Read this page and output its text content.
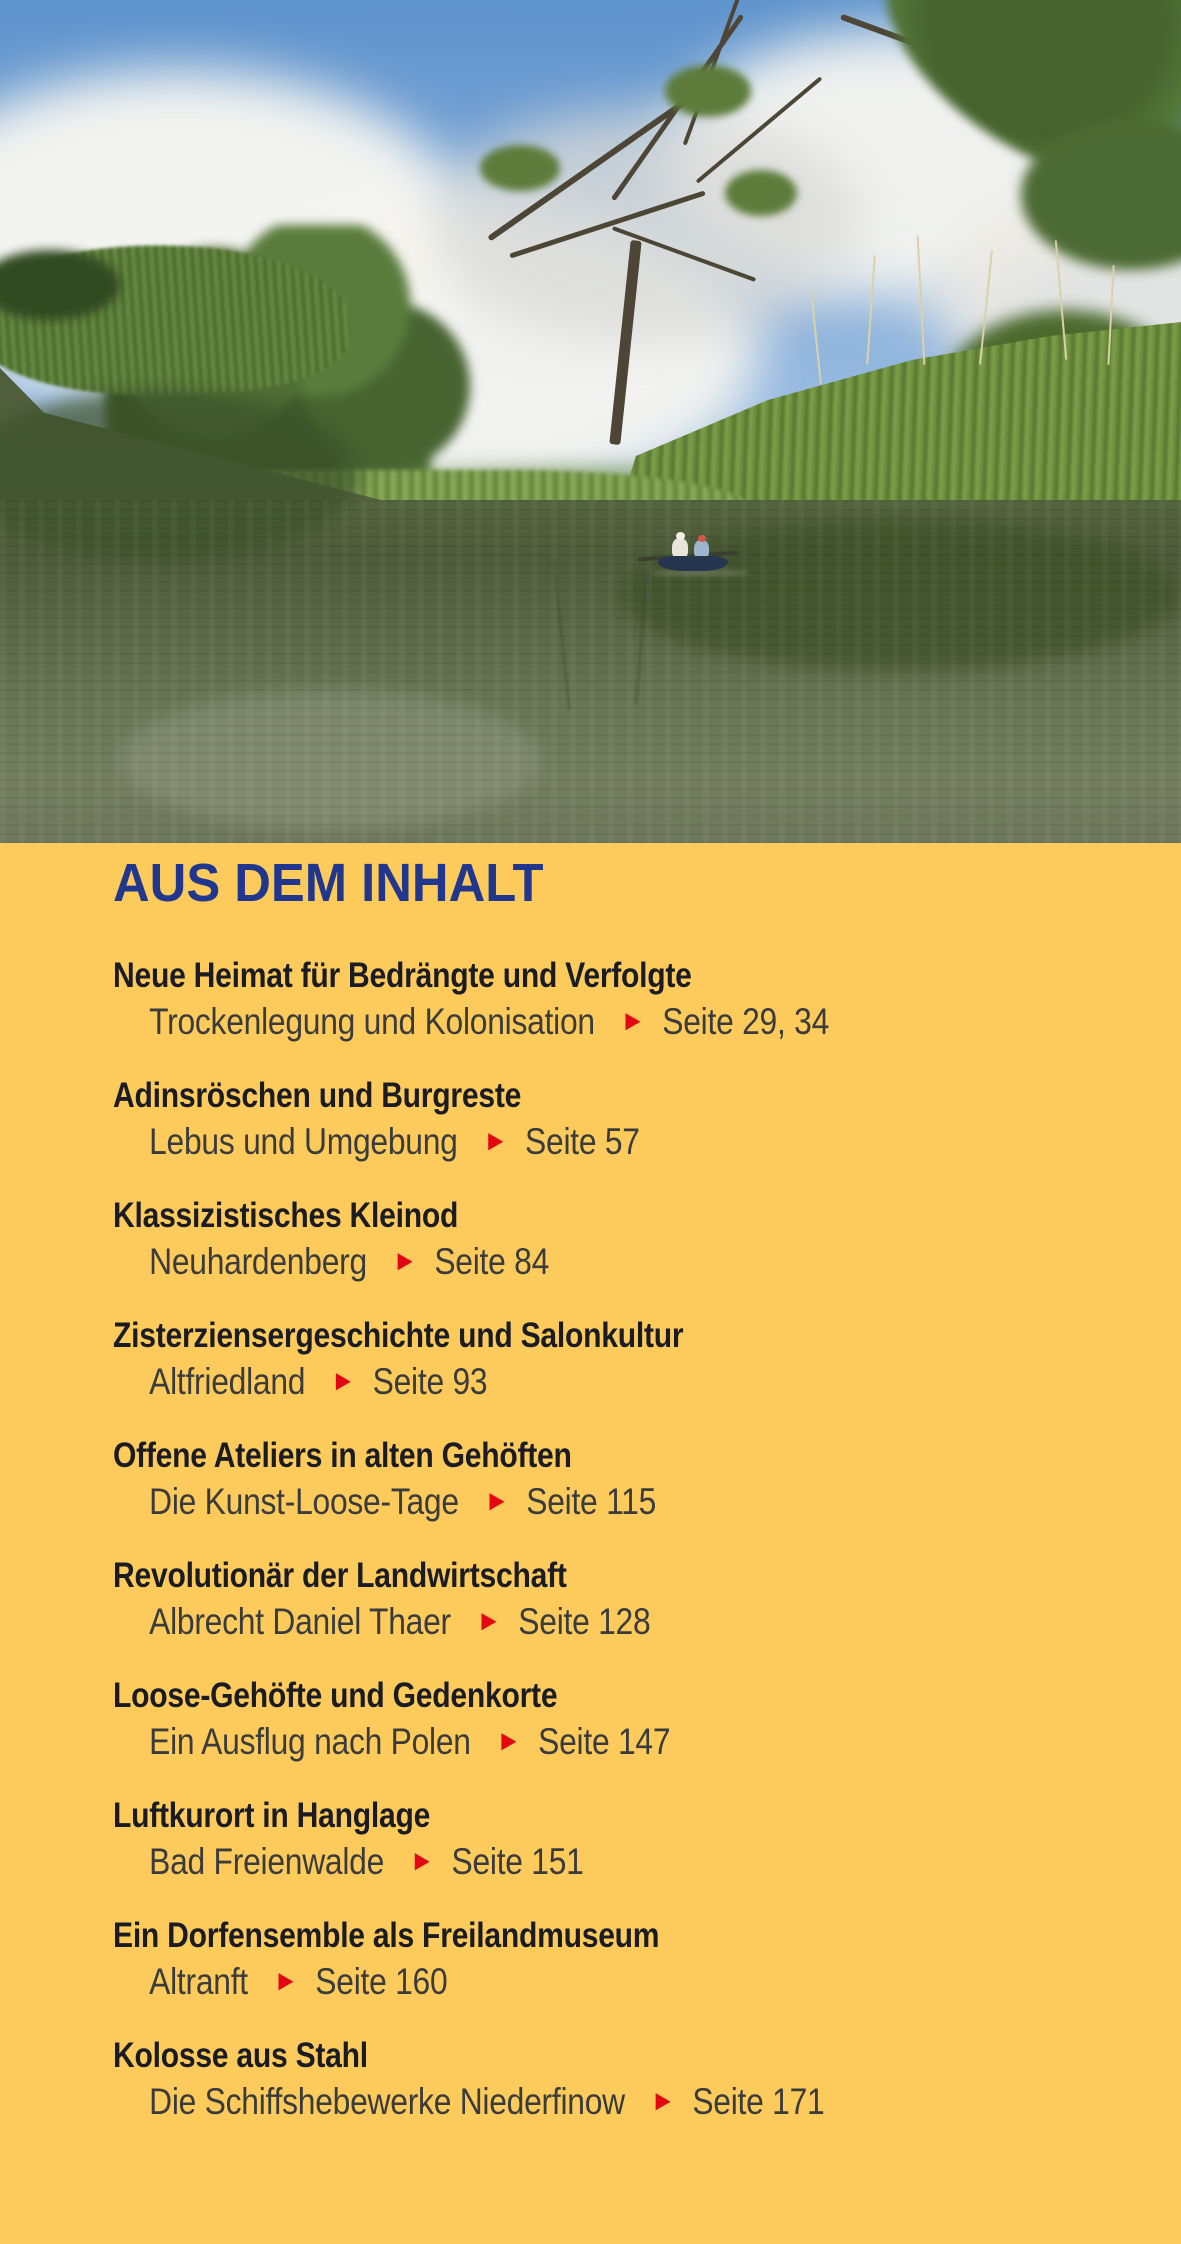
AUS DEM INHALT
Neue Heimat für Bedrängte und Verfolgte
Trockenlegung und Kolonisation ► Seite 29, 34
Adinsröschen und Burgreste
Lebus und Umgebung ► Seite 57
Klassizistisches Kleinod
Neuhardenberg ► Seite 84
Zisterziensergeschichte und Salonkultur
Altfriedland ► Seite 93
Offene Ateliers in alten Gehöften
Die Kunst-Loose-Tage ► Seite 115
Revolutionär der Landwirtschaft
Albrecht Daniel Thaer ► Seite 128
Loose-Gehöfte und Gedenkorte
Ein Ausflug nach Polen ► Seite 147
Luftkurort in Hanglage
Bad Freienwalde ► Seite 151
Ein Dorfensemble als Freilandmuseum
Altranft ► Seite 160
Kolosse aus Stahl
Die Schiffshebewerke Niederfinow ► Seite 171
